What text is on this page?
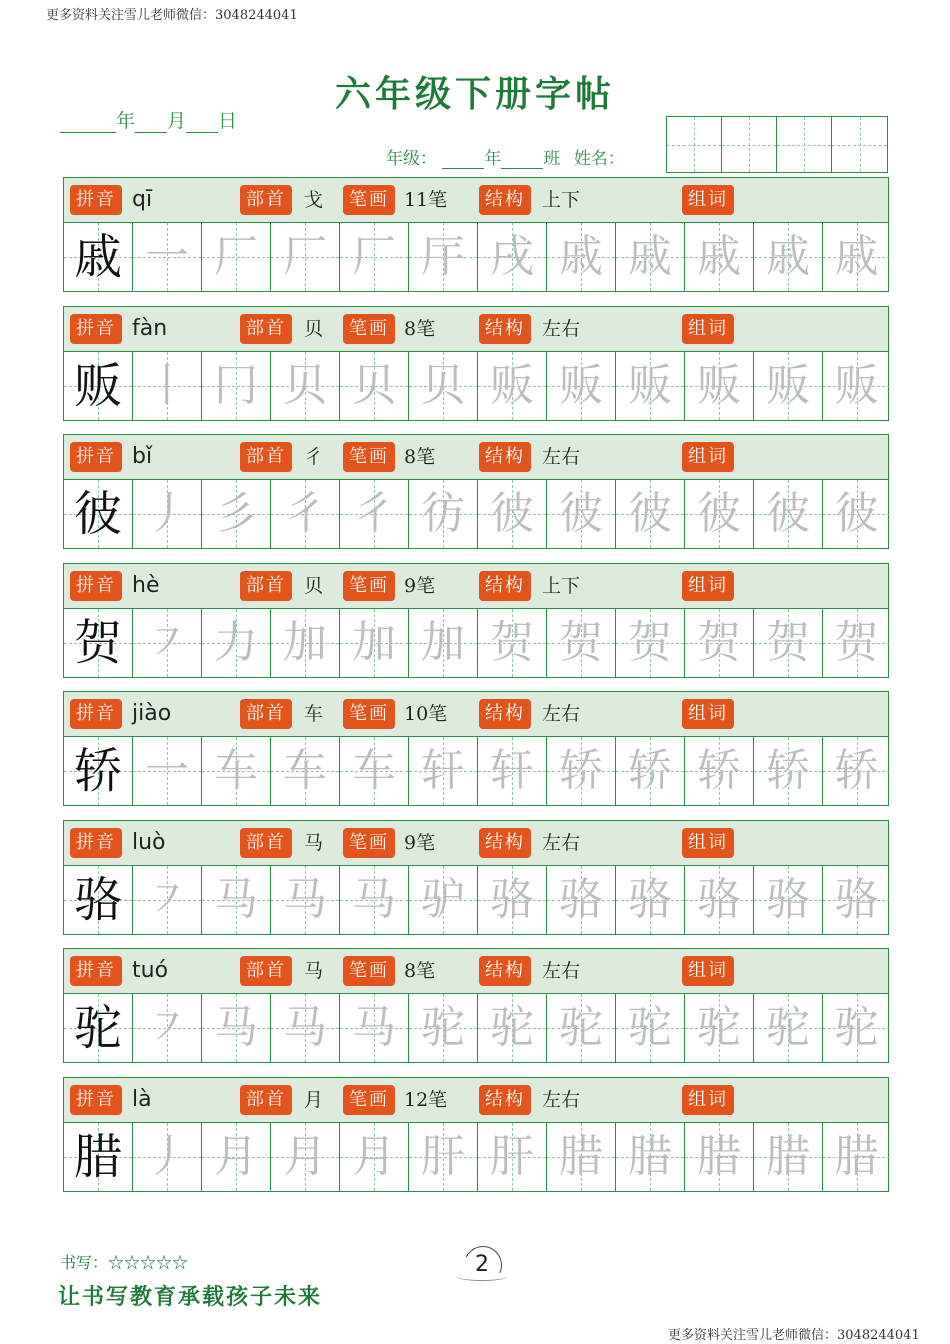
更多资料关注雪儿老师微信：3048244041
六年级下册字帖
年 月 日
年级：	年 班 姓名：
拼音 qī	部首 戈	笔画 11笔	结构 上下	组词
戚 一 厂 厂 厂 厈 戌 戚 戚 戚 戚 戚
拼音 fàn	部首 贝	笔画 8笔	结构 左右	组词
贩 丨 冂 贝 贝 贝 贩 贩 贩 贩 贩 贩
拼音 bǐ	部首 彳	笔画 8笔	结构 左右	组词
彼 丿 彡 彳 彳 彷 彼 彼 彼 彼 彼 彼
拼音 hè	部首 贝	笔画 9笔	结构 上下	组词
贺 ㇇ 力 加 加 加 贺 贺 贺 贺 贺 贺
拼音 jiào	部首 车	笔画 10笔	结构 左右	组词
轿 一 车 车 车 轩 轩 轿 轿 轿 轿 轿
拼音 luò	部首 马	笔画 9笔	结构 左右	组词
骆 ㇇ 马 马 马 驴 骆 骆 骆 骆 骆 骆
拼音 tuó	部首 马	笔画 8笔	结构 左右	组词
驼 ㇇ 马 马 马 驼 驼 驼 驼 驼 驼 驼
拼音 là	部首 月	笔画 12笔	结构 左右	组词
腊 丿 月 月 月 肝 肝 腊 腊 腊 腊 腊
书写：☆☆☆☆☆
让书写教育承载孩子未来
2
更多资料关注雪儿老师微信：3048244041
